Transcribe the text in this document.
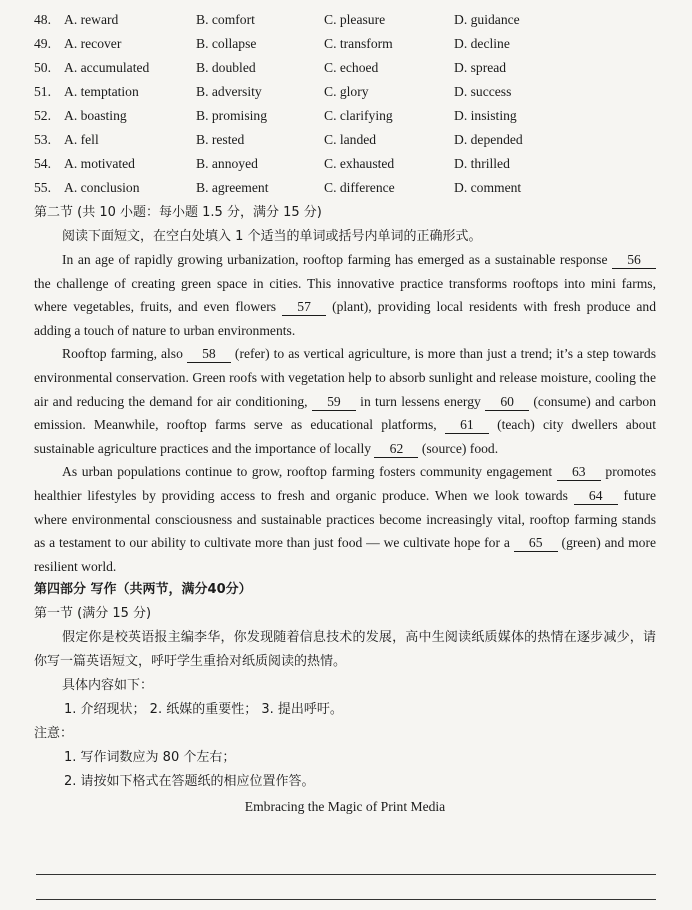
48. A. reward	B. comfort	C. pleasure	D. guidance
49. A. recover	B. collapse	C. transform	D. decline
50. A. accumulated	B. doubled	C. echoed	D. spread
51. A. temptation	B. adversity	C. glory	D. success
52. A. boasting	B. promising	C. clarifying	D. insisting
53. A. fell	B. rested	C. landed	D. depended
54. A. motivated	B. annoyed	C. exhausted	D. thrilled
55. A. conclusion	B. agreement	C. difference	D. comment
第二节 (共 10 小题：每小题 1.5 分，满分 15 分)
阅读下面短文，在空白处填入 1 个适当的单词或括号内单词的正确形式。

In an age of rapidly growing urbanization, rooftop farming has emerged as a sustainable response 56 the challenge of creating green space in cities. This innovative practice transforms rooftops into mini farms, where vegetables, fruits, and even flowers 57 (plant), providing local residents with fresh produce and adding a touch of nature to urban environments.

Rooftop farming, also 58 (refer) to as vertical agriculture, is more than just a trend; it’s a step towards environmental conservation. Green roofs with vegetation help to absorb sunlight and release moisture, cooling the air and reducing the demand for air conditioning, 59 in turn lessens energy 60 (consume) and carbon emission. Meanwhile, rooftop farms serve as educational platforms, 61 (teach) city dwellers about sustainable agriculture practices and the importance of locally 62 (source) food.

As urban populations continue to grow, rooftop farming fosters community engagement 63 promotes healthier lifestyles by providing access to fresh and organic produce. When we look towards 64 future where environmental consciousness and sustainable practices become increasingly vital, rooftop farming stands as a testament to our ability to cultivate more than just food — we cultivate hope for a 65 (green) and more resilient world.

第四部分 写作（共两节，满分40分）
第一节 (满分 15 分)

假定你是校英语报主编李华，你发现随着信息技术的发展，高中生阅读纸质媒体的热情在逐步减少，请你写一篇英语短文，呼吁学生重拾对纸质阅读的热情。

具体内容如下：
1. 介绍现状； 2. 纸媒的重要性； 3. 提出呼吁。
注意：
1. 写作词数应为 80 个左右；
2. 请按如下格式在答题纸的相应位置作答。
Embracing the Magic of Print Media
